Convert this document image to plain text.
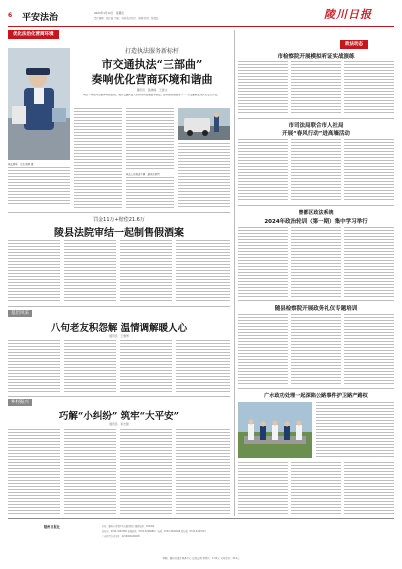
6 平安法治	2023年1月12日 星期四
责任编辑：高红霞 美编：王晗 版式设计：陈晓 校对：杨亚磊	陵川日报
优化法治化营商环境
执法现场　记者 陈辉 摄
打造执法服务新标杆
市交通执法“三部曲”
奏响优化营商环境和谐曲
通讯员　张晓峰　王建文
“再过一年就可以延伸到新阶段，城市交通执法大队将持续加强督导检查，提升群众满意度……”市交通执法支队负责人介绍。
执法人员检查车辆　通讯员供图
罚金11万+赔偿21.6万
陵县法院审结一起制售假酒案
基层风采
八句老友积怨解 温情调解暖人心
通讯员　王雅琴
乡村振兴
巧解“小纠纷” 筑牢“大平安”
通讯员　李志强
政法动态
市检察院开展模拟听证实战演练
市司法局联合市人社局
开展“春风行动”进高墙活动
曾都区政法系统
2024年政治轮训（第一期）集中学习举行
随县检察院开展政务礼仪专题培训
广水政功处理一起深陷公路事件护卫路产路权
随州日报社	社址：随州市曾都区汉东路(原址) 邮政编码：441300
总编室：0722-3223360 新闻热线：0722-3226688 广告部：0722-3226168 发行部：0722-3223113
广告经营许可证号：4213004000005
印刷：随州日报社印务中心 每周五期 零售价：1.50元 全年定价：312元
